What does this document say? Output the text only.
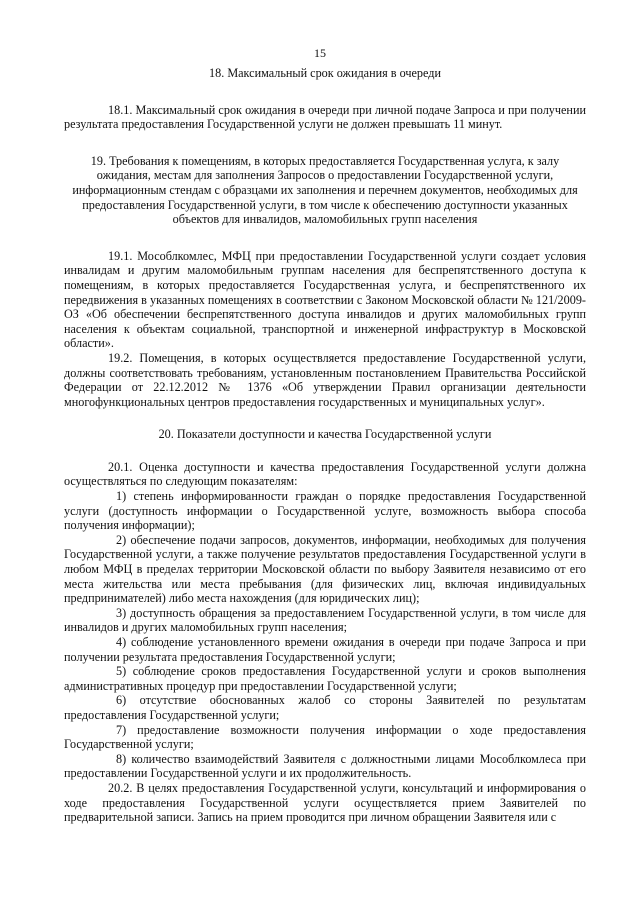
15

18. Максимальный срок ожидания в очереди

18.1. Максимальный срок ожидания в очереди при личной подаче Запроса и при получении результата предоставления Государственной услуги не должен превышать 11 минут.

19. Требования к помещениям, в которых предоставляется Государственная услуга, к залу ожидания, местам для заполнения Запросов о предоставлении Государственной услуги, информационным стендам с образцами их заполнения и перечнем документов, необходимых для предоставления Государственной услуги, в том числе к обеспечению доступности указанных объектов для инвалидов, маломобильных групп населения

19.1. Мособлкомлес, МФЦ при предоставлении Государственной услуги создает условия инвалидам и другим маломобильным группам населения для беспрепятственного доступа к помещениям, в которых предоставляется Государственная услуга, и беспрепятственного их передвижения в указанных помещениях в соответствии с Законом Московской области № 121/2009-ОЗ «Об обеспечении беспрепятственного доступа инвалидов и других маломобильных групп населения к объектам социальной, транспортной и инженерной инфраструктур в Московской области».

19.2. Помещения, в которых осуществляется предоставление Государственной услуги, должны соответствовать требованиям, установленным постановлением Правительства Российской Федерации от 22.12.2012 № 1376 «Об утверждении Правил организации деятельности многофункциональных центров предоставления государственных и муниципальных услуг».

20. Показатели доступности и качества Государственной услуги

20.1. Оценка доступности и качества предоставления Государственной услуги должна осуществляться по следующим показателям:

1) степень информированности граждан о порядке предоставления Государственной услуги (доступность информации о Государственной услуге, возможность выбора способа получения информации);

2) обеспечение подачи запросов, документов, информации, необходимых для получения Государственной услуги, а также получение результатов предоставления Государственной услуги в любом МФЦ в пределах территории Московской области по выбору Заявителя независимо от его места жительства или места пребывания (для физических лиц, включая индивидуальных предпринимателей) либо места нахождения (для юридических лиц);

3) доступность обращения за предоставлением Государственной услуги, в том числе для инвалидов и других маломобильных групп населения;

4) соблюдение установленного времени ожидания в очереди при подаче Запроса и при получении результата предоставления Государственной услуги;

5) соблюдение сроков предоставления Государственной услуги и сроков выполнения административных процедур при предоставлении Государственной услуги;

6) отсутствие обоснованных жалоб со стороны Заявителей по результатам предоставления Государственной услуги;

7) предоставление возможности получения информации о ходе предоставления Государственной услуги;

8) количество взаимодействий Заявителя с должностными лицами Мособлкомлеса при предоставлении Государственной услуги и их продолжительность.

20.2. В целях предоставления Государственной услуги, консультаций и информирования о ходе предоставления Государственной услуги осуществляется прием Заявителей по предварительной записи. Запись на прием проводится при личном обращении Заявителя или с
